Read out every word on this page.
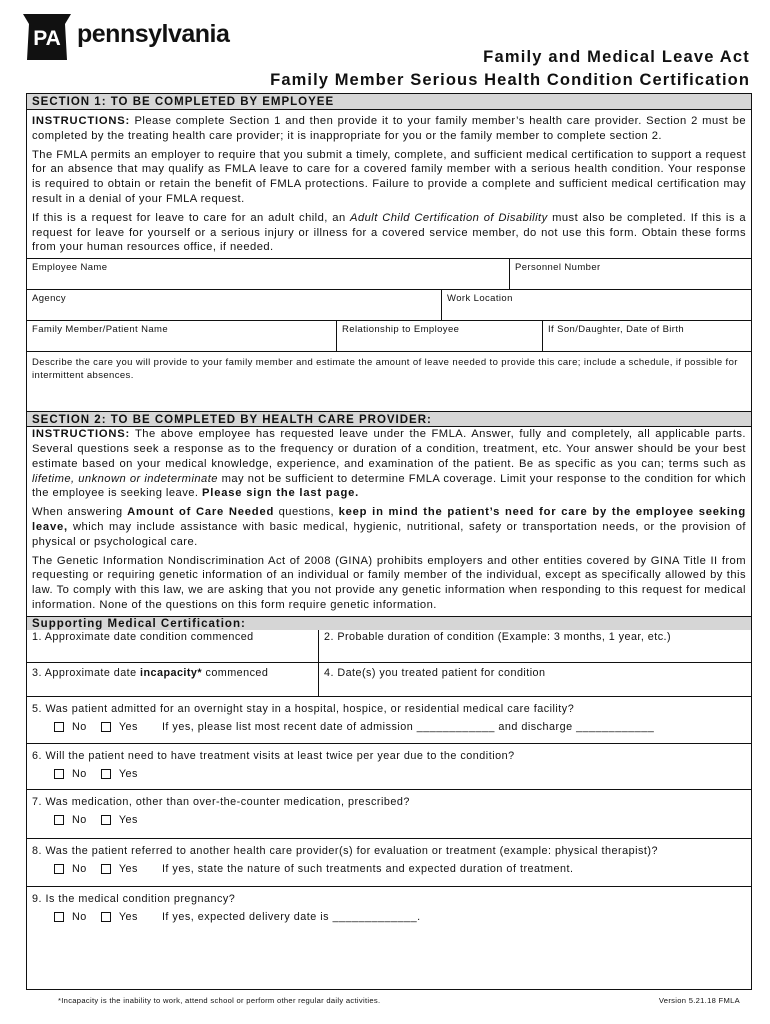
PA pennsylvania
Family and Medical Leave Act
Family Member Serious Health Condition Certification
SECTION 1: TO BE COMPLETED BY EMPLOYEE

INSTRUCTIONS: Please complete Section 1 and then provide it to your family member’s health care provider. Section 2 must be completed by the treating health care provider; it is inappropriate for you or the family member to complete section 2.

The FMLA permits an employer to require that you submit a timely, complete, and sufficient medical certification to support a request for an absence that may qualify as FMLA leave to care for a covered family member with a serious health condition. Your response is required to obtain or retain the benefit of FMLA protections. Failure to provide a complete and sufficient medical certification may result in a denial of your FMLA request.

If this is a request for leave to care for an adult child, an Adult Child Certification of Disability must also be completed. If this is a request for leave for yourself or a serious injury or illness for a covered service member, do not use this form. Obtain these forms from your human resources office, if needed.

Employee Name	Personnel Number
Agency	Work Location
Family Member/Patient Name	Relationship to Employee	If Son/Daughter, Date of Birth
Describe the care you will provide to your family member and estimate the amount of leave needed to provide this care; include a schedule, if possible for intermittent absences.
SECTION 2: TO BE COMPLETED BY HEALTH CARE PROVIDER:

INSTRUCTIONS: The above employee has requested leave under the FMLA. Answer, fully and completely, all applicable parts. Several questions seek a response as to the frequency or duration of a condition, treatment, etc. Your answer should be your best estimate based on your medical knowledge, experience, and examination of the patient. Be as specific as you can; terms such as lifetime, unknown or indeterminate may not be sufficient to determine FMLA coverage. Limit your response to the condition for which the employee is seeking leave. Please sign the last page.

When answering Amount of Care Needed questions, keep in mind the patient’s need for care by the employee seeking leave, which may include assistance with basic medical, hygienic, nutritional, safety or transportation needs, or the provision of physical or psychological care.

The Genetic Information Nondiscrimination Act of 2008 (GINA) prohibits employers and other entities covered by GINA Title II from requesting or requiring genetic information of an individual or family member of the individual, except as specifically allowed by this law. To comply with this law, we are asking that you not provide any genetic information when responding to this request for medical information. None of the questions on this form require genetic information.

Supporting Medical Certification:
1. Approximate date condition commenced	2. Probable duration of condition (Example: 3 months, 1 year, etc.)
3. Approximate date incapacity* commenced	4. Date(s) you treated patient for condition
5. Was patient admitted for an overnight stay in a hospital, hospice, or residential medical care facility?
No	Yes If yes, please list most recent date of admission ____________ and discharge ____________
6. Will the patient need to have treatment visits at least twice per year due to the condition?
No	Yes
7. Was medication, other than over-the-counter medication, prescribed?
No	Yes
8. Was the patient referred to another health care provider(s) for evaluation or treatment (example: physical therapist)?
No	Yes If yes, state the nature of such treatments and expected duration of treatment.
9. Is the medical condition pregnancy?
No	Yes If yes, expected delivery date is _____________.
*Incapacity is the inability to work, attend school or perform other regular daily activities.	Version 5.21.18 FMLA
